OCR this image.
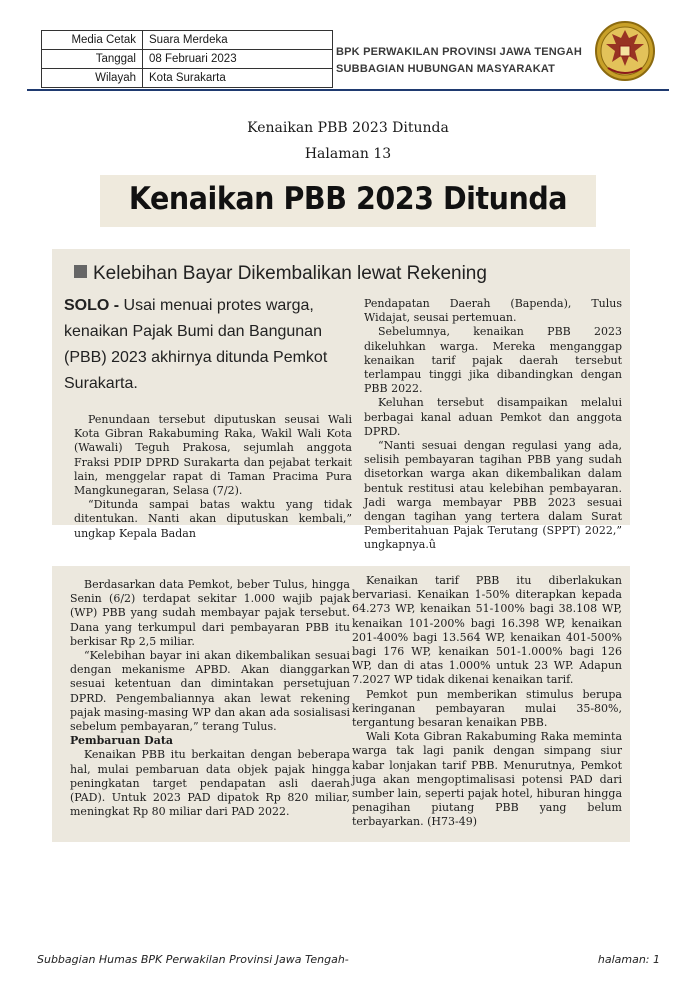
Media Cetak	Suara Merdeka
Tanggal	08 Februari 2023
Wilayah	Kota Surakarta
BPK PERWAKILAN PROVINSI JAWA TENGAH
SUBBAGIAN HUBUNGAN MASYARAKAT
Kenaikan PBB 2023 Ditunda
Halaman 13
Kenaikan PBB 2023 Ditunda
Kelebihan Bayar Dikembalikan lewat Rekening
SOLO - Usai menuai protes warga, kenaikan Pajak Bumi dan Bangunan (PBB) 2023 akhirnya ditunda Pemkot Surakarta.

Penundaan tersebut diputuskan seusai Wali Kota Gibran Rakabuming Raka, Wakil Wali Kota (Wawali) Teguh Prakosa, sejumlah anggota Fraksi PDIP DPRD Surakarta dan pejabat terkait lain, menggelar rapat di Taman Pracima Pura Mangkunegaran, Selasa (7/2).

“Ditunda sampai batas waktu yang tidak ditentukan. Nanti akan diputuskan kembali,” ungkap Kepala Badan

Pendapatan Daerah (Bapenda), Tulus Widajat, seusai pertemuan.

Sebelumnya, kenaikan PBB 2023 dikeluhkan warga. Mereka menganggap kenaikan tarif pajak daerah tersebut terlampau tinggi jika dibandingkan dengan PBB 2022.

Keluhan tersebut disampaikan melalui berbagai kanal aduan Pemkot dan anggota DPRD.

“Nanti sesuai dengan regulasi yang ada, selisih pembayaran tagihan PBB yang sudah disetorkan warga akan dikembalikan dalam bentuk restitusi atau kelebihan pembayaran. Jadi warga membayar PBB 2023 sesuai dengan tagihan yang tertera dalam Surat Pemberitahuan Pajak Terutang (SPPT) 2022,” ungkapnya.û

Berdasarkan data Pemkot, beber Tulus, hingga Senin (6/2) terdapat sekitar 1.000 wajib pajak (WP) PBB yang sudah membayar pajak tersebut. Dana yang terkumpul dari pembayaran PBB itu berkisar Rp 2,5 miliar.

“Kelebihan bayar ini akan dikembalikan sesuai dengan mekanisme APBD. Akan dianggarkan sesuai ketentuan dan dimintakan persetujuan DPRD. Pengembaliannya akan lewat rekening pajak masing-masing WP dan akan ada sosialisasi sebelum pembayaran,” terang Tulus.

Pembaruan Data

Kenaikan PBB itu berkaitan dengan beberapa hal, mulai pembaruan data objek pajak hingga peningkatan target pendapatan asli daerah (PAD). Untuk 2023 PAD dipatok Rp 820 miliar, meningkat Rp 80 miliar dari PAD 2022.

Kenaikan tarif PBB itu diberlakukan bervariasi. Kenaikan 1-50% diterapkan kepada 64.273 WP, kenaikan 51-100% bagi 38.108 WP, kenaikan 101-200% bagi 16.398 WP, kenaikan 201-400% bagi 13.564 WP, kenaikan 401-500% bagi 176 WP, kenaikan 501-1.000% bagi 126 WP, dan di atas 1.000% untuk 23 WP. Adapun 7.2027 WP tidak dikenai kenaikan tarif.

Pemkot pun memberikan stimulus berupa keringanan pembayaran mulai 35-80%, tergantung besaran kenaikan PBB.

Wali Kota Gibran Rakabuming Raka meminta warga tak lagi panik dengan simpang siur kabar lonjakan tarif PBB. Menurutnya, Pemkot juga akan mengoptimalisasi potensi PAD dari sumber lain, seperti pajak hotel, hiburan hingga penagihan piutang PBB yang belum terbayarkan. (H73-49)

Subbagian Humas BPK Perwakilan Provinsi Jawa Tengah-	halaman: 1
